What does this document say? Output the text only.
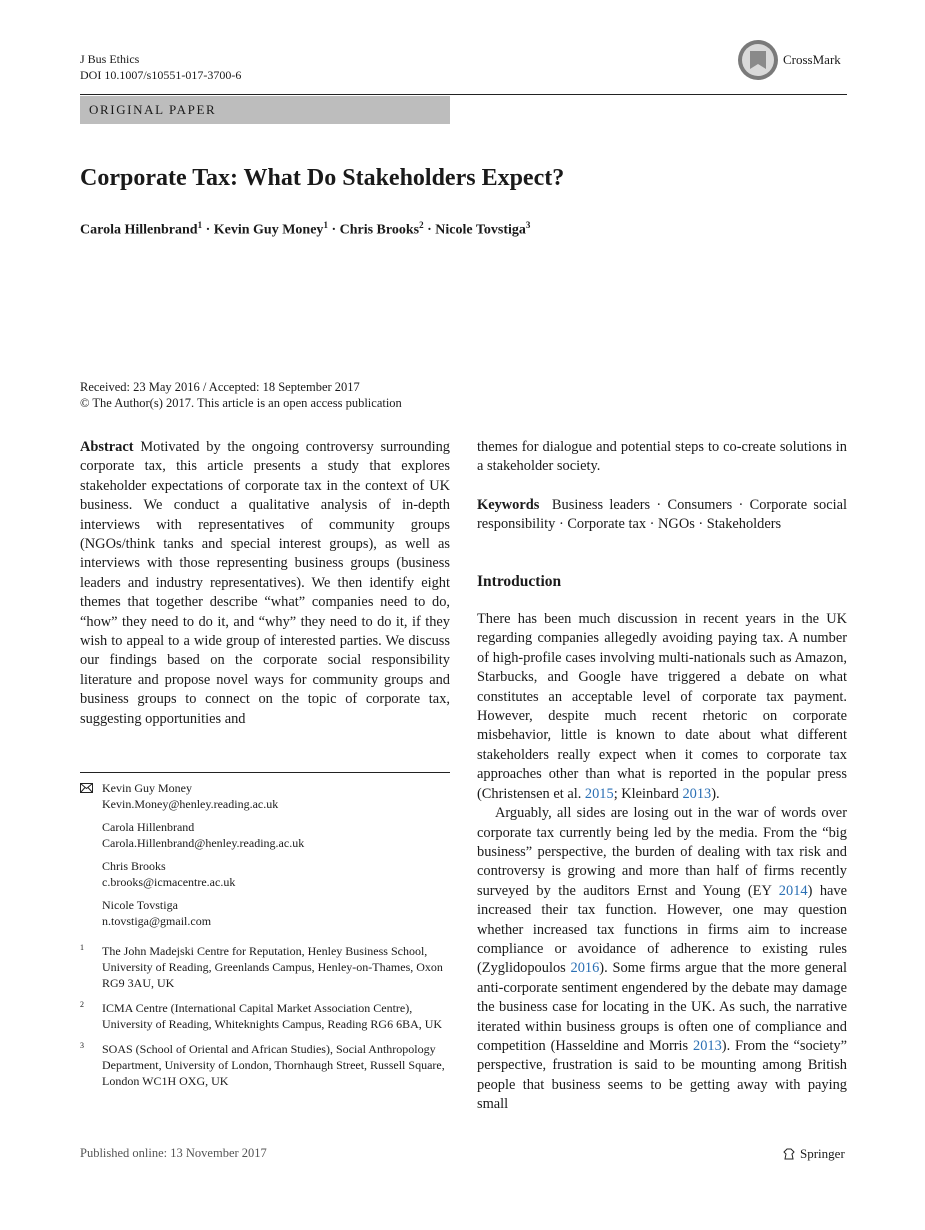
J Bus Ethics
DOI 10.1007/s10551-017-3700-6
CrossMark
ORIGINAL PAPER
Corporate Tax: What Do Stakeholders Expect?
Carola Hillenbrand$^1$ · Kevin Guy Money$^1$ · Chris Brooks$^2$ · Nicole Tovstiga$^3$
Received: 23 May 2016 / Accepted: 18 September 2017
© The Author(s) 2017. This article is an open access publication

Abstract Motivated by the ongoing controversy surrounding corporate tax, this article presents a study that explores stakeholder expectations of corporate tax in the context of UK business. We conduct a qualitative analysis of in-depth interviews with representatives of community groups (NGOs/think tanks and special interest groups), as well as interviews with those representing business groups (business leaders and industry representatives). We then identify eight themes that together describe “what” companies need to do, “how” they need to do it, and “why” they need to do it, if they wish to appeal to a wide group of interested parties. We discuss our findings based on the corporate social responsibility literature and propose novel ways for community groups and business groups to connect on the topic of corporate tax, suggesting opportunities and

Kevin Guy Money
Kevin.Money@henley.reading.ac.uk
Carola Hillenbrand
Carola.Hillenbrand@henley.reading.ac.uk
Chris Brooks
c.brooks@icmacentre.ac.uk
Nicole Tovstiga
n.tovstiga@gmail.com
1 The John Madejski Centre for Reputation, Henley Business School, University of Reading, Greenlands Campus, Henley-on-Thames, Oxon RG9 3AU, UK
2 ICMA Centre (International Capital Market Association Centre), University of Reading, Whiteknights Campus, Reading RG6 6BA, UK
3 SOAS (School of Oriental and African Studies), Social Anthropology Department, University of London, Thornhaugh Street, Russell Square, London WC1H OXG, UK

themes for dialogue and potential steps to co-create solutions in a stakeholder society.

Keywords Business leaders · Consumers · Corporate social responsibility · Corporate tax · NGOs · Stakeholders

Introduction

There has been much discussion in recent years in the UK regarding companies allegedly avoiding paying tax. A number of high-profile cases involving multi-nationals such as Amazon, Starbucks, and Google have triggered a debate on what constitutes an acceptable level of corporate tax payment. However, despite much recent rhetoric on corporate misbehavior, little is known to date about what different stakeholders really expect when it comes to corporate tax approaches other than what is reported in the popular press (Christensen et al. 2015; Kleinbard 2013).

Arguably, all sides are losing out in the war of words over corporate tax currently being led by the media. From the “big business” perspective, the burden of dealing with tax risk and controversy is growing and more than half of firms recently surveyed by the auditors Ernst and Young (EY 2014) have increased their tax function. However, one may question whether increased tax functions in firms aim to increase compliance or avoidance of adherence to existing rules (Zyglidopoulos 2016). Some firms argue that the more general anti-corporate sentiment engendered by the debate may damage the business case for locating in the UK. As such, the narrative iterated within business groups is often one of compliance and competition (Hasseldine and Morris 2013). From the “society” perspective, frustration is said to be mounting among British people that business seems to be getting away with paying small

Published online: 13 November 2017	Springer
